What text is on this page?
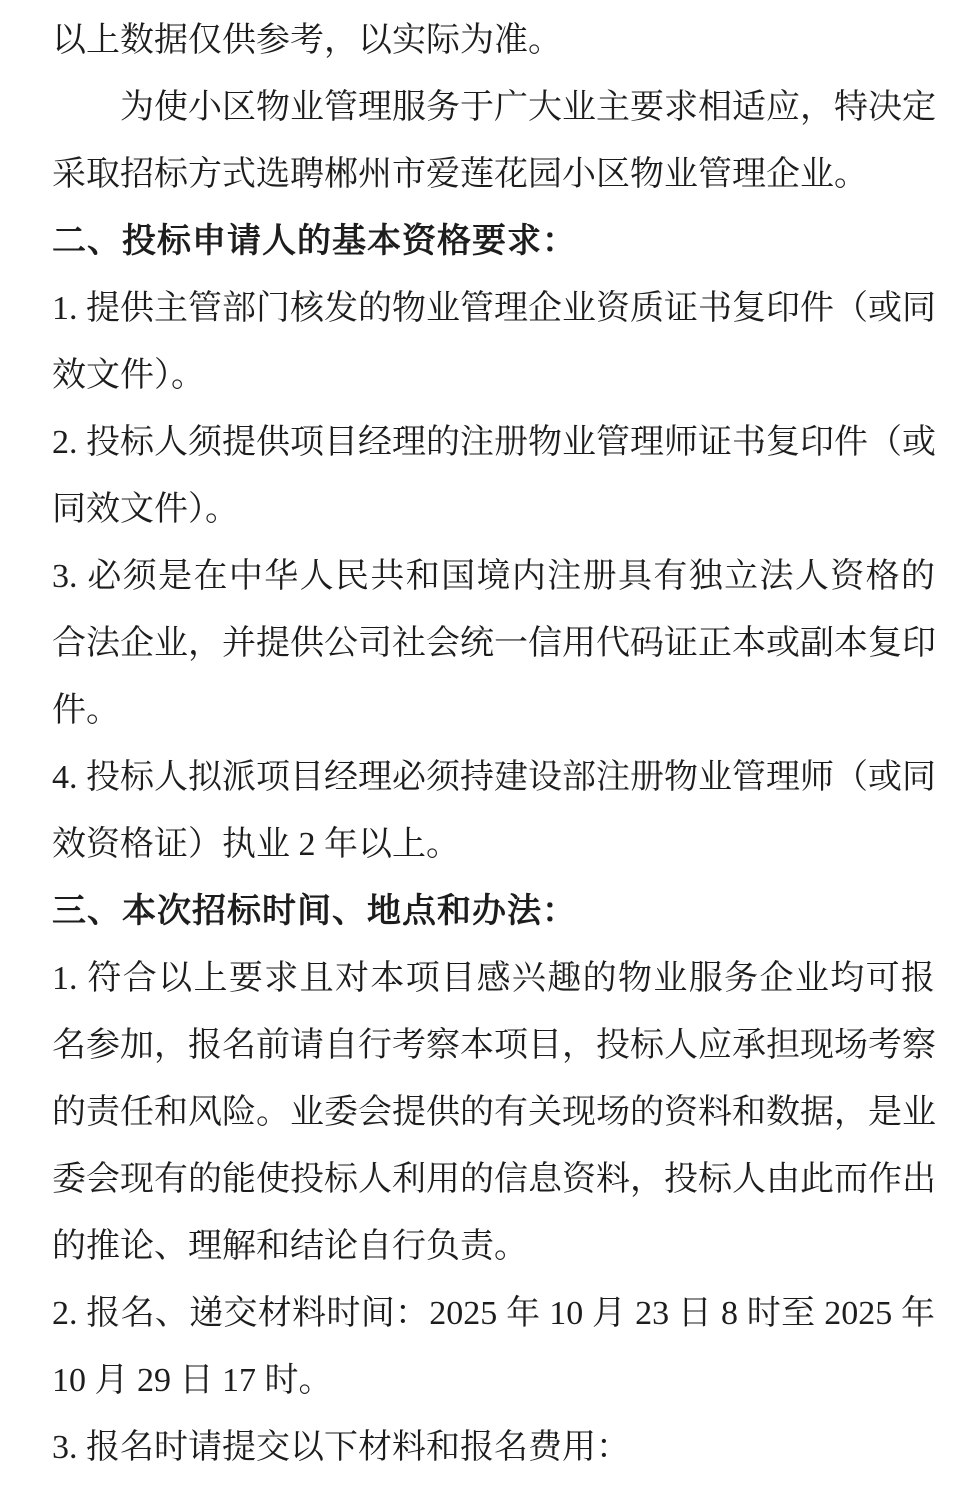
以上数据仅供参考，以实际为准。
为使小区物业管理服务于广大业主要求相适应，特决定
采取招标方式选聘郴州市爱莲花园小区物业管理企业。
二、投标申请人的基本资格要求：
1. 提供主管部门核发的物业管理企业资质证书复印件（或同
效文件）。
2. 投标人须提供项目经理的注册物业管理师证书复印件（或
同效文件）。
3. 必须是在中华人民共和国境内注册具有独立法人资格的
合法企业，并提供公司社会统一信用代码证正本或副本复印
件。
4. 投标人拟派项目经理必须持建设部注册物业管理师（或同
效资格证）执业 2 年以上。
三、本次招标时间、地点和办法：
1. 符合以上要求且对本项目感兴趣的物业服务企业均可报
名参加，报名前请自行考察本项目，投标人应承担现场考察
的责任和风险。业委会提供的有关现场的资料和数据，是业
委会现有的能使投标人利用的信息资料，投标人由此而作出
的推论、理解和结论自行负责。
2. 报名、递交材料时间：2025 年 10 月 23 日 8 时至 2025 年
10 月 29 日 17 时。
3. 报名时请提交以下材料和报名费用：
